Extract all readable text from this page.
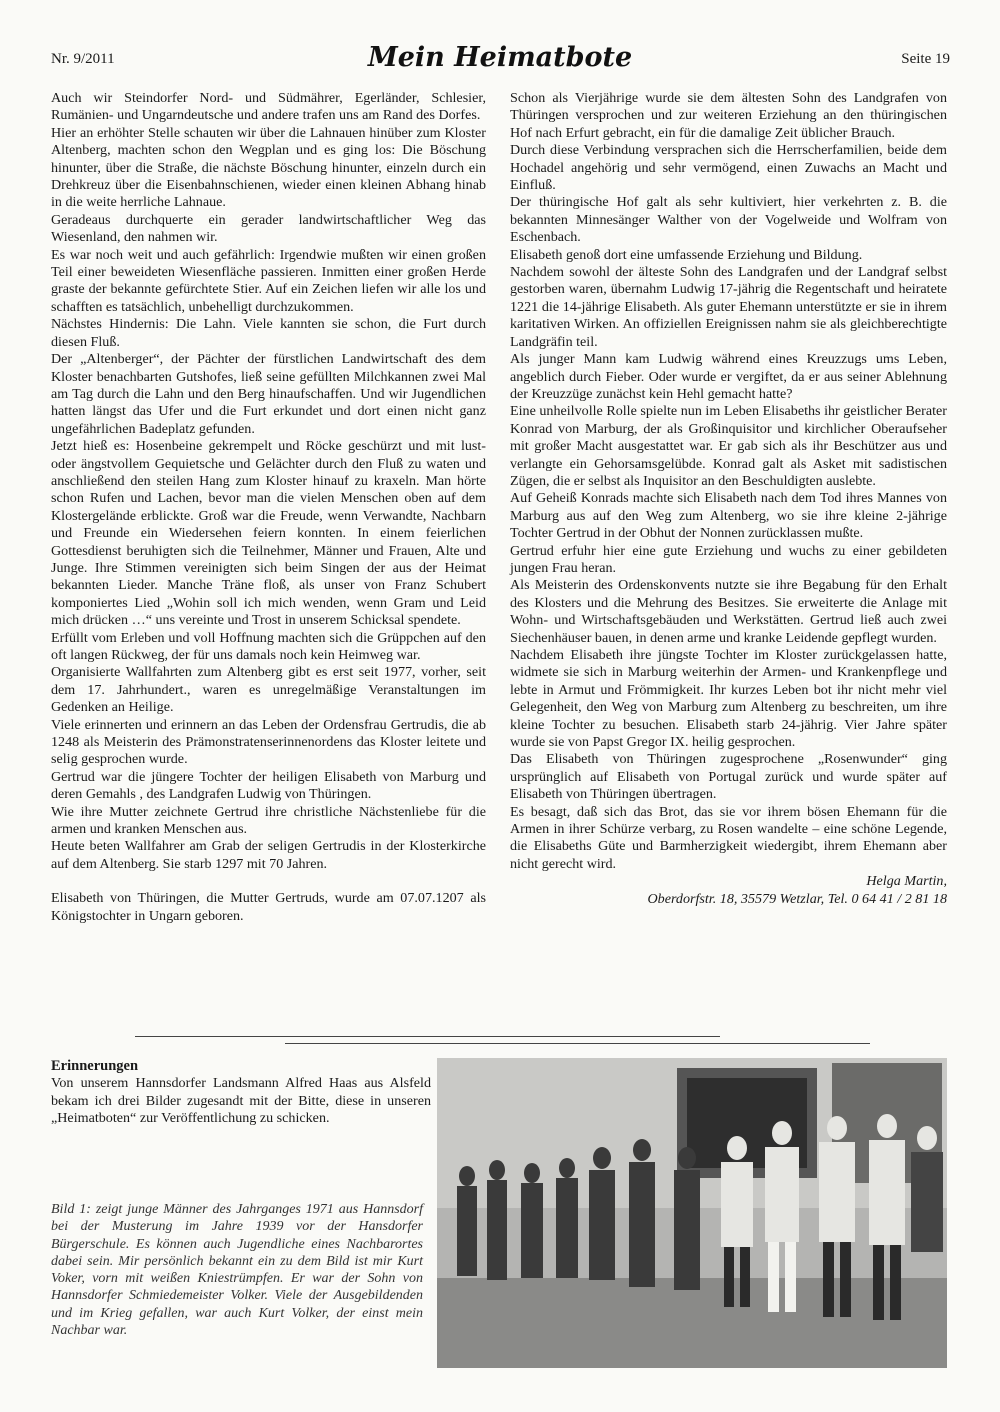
Nr. 9/2011	Mein Heimatbote	Seite 19

Auch wir Steindorfer Nord- und Südmährer, Egerländer, Schlesier, Rumänien- und Ungarndeutsche und andere trafen uns am Rand des Dorfes.

Hier an erhöhter Stelle schauten wir über die Lahnauen hinüber zum Kloster Altenberg, machten schon den Wegplan und es ging los: Die Böschung hinunter, über die Straße, die nächste Böschung hinunter, einzeln durch ein Drehkreuz über die Eisenbahnschienen, wieder einen kleinen Abhang hinab in die weite herrliche Lahnaue.

Geradeaus durchquerte ein gerader landwirtschaftlicher Weg das Wiesenland, den nahmen wir.

Es war noch weit und auch gefährlich: Irgendwie mußten wir einen großen Teil einer beweideten Wiesenfläche passieren. Inmitten einer großen Herde graste der bekannte gefürchtete Stier. Auf ein Zeichen liefen wir alle los und schafften es tatsächlich, unbehelligt durchzukommen.

Nächstes Hindernis: Die Lahn. Viele kannten sie schon, die Furt durch diesen Fluß.

Der „Altenberger“, der Pächter der fürstlichen Landwirtschaft des dem Kloster benachbarten Gutshofes, ließ seine gefüllten Milchkannen zwei Mal am Tag durch die Lahn und den Berg hinaufschaffen. Und wir Jugendlichen hatten längst das Ufer und die Furt erkundet und dort einen nicht ganz ungefährlichen Badeplatz gefunden.

Jetzt hieß es: Hosenbeine gekrempelt und Röcke geschürzt und mit lust- oder ängstvollem Gequietsche und Gelächter durch den Fluß zu waten und anschließend den steilen Hang zum Kloster hinauf zu kraxeln. Man hörte schon Rufen und Lachen, bevor man die vielen Menschen oben auf dem Klostergelände erblickte. Groß war die Freude, wenn Verwandte, Nachbarn und Freunde ein Wiedersehen feiern konnten. In einem feierlichen Gottesdienst beruhigten sich die Teilnehmer, Männer und Frauen, Alte und Junge. Ihre Stimmen vereinigten sich beim Singen der aus der Heimat bekannten Lieder. Manche Träne floß, als unser von Franz Schubert komponiertes Lied „Wohin soll ich mich wenden, wenn Gram und Leid mich drücken …“ uns vereinte und Trost in unserem Schicksal spendete.

Erfüllt vom Erleben und voll Hoffnung machten sich die Grüppchen auf den oft langen Rückweg, der für uns damals noch kein Heimweg war.

Organisierte Wallfahrten zum Altenberg gibt es erst seit 1977, vorher, seit dem 17. Jahrhundert., waren es unregelmäßige Veranstaltungen im Gedenken an Heilige.

Viele erinnerten und erinnern an das Leben der Ordensfrau Gertrudis, die ab 1248 als Meisterin des Prämonstratenserinnenordens das Kloster leitete und selig gesprochen wurde.

Gertrud war die jüngere Tochter der heiligen Elisabeth von Marburg und deren Gemahls , des Landgrafen Ludwig von Thüringen.

Wie ihre Mutter zeichnete Gertrud ihre christliche Nächstenliebe für die armen und kranken Menschen aus.

Heute beten Wallfahrer am Grab der seligen Gertrudis in der Klosterkirche auf dem Altenberg. Sie starb 1297 mit 70 Jahren.

Elisabeth von Thüringen, die Mutter Gertruds, wurde am 07.07.1207 als Königstochter in Ungarn geboren.

Schon als Vierjährige wurde sie dem ältesten Sohn des Landgrafen von Thüringen versprochen und zur weiteren Erziehung an den thüringischen Hof nach Erfurt gebracht, ein für die damalige Zeit üblicher Brauch.

Durch diese Verbindung versprachen sich die Herrscherfamilien, beide dem Hochadel angehörig und sehr vermögend, einen Zuwachs an Macht und Einfluß.

Der thüringische Hof galt als sehr kultiviert, hier verkehrten z. B. die bekannten Minnesänger Walther von der Vogelweide und Wolfram von Eschenbach.

Elisabeth genoß dort eine umfassende Erziehung und Bildung.

Nachdem sowohl der älteste Sohn des Landgrafen und der Landgraf selbst gestorben waren, übernahm Ludwig 17-jährig die Regentschaft und heiratete 1221 die 14-jährige Elisabeth. Als guter Ehemann unterstützte er sie in ihrem karitativen Wirken. An offiziellen Ereignissen nahm sie als gleichberechtigte Landgräfin teil.

Als junger Mann kam Ludwig während eines Kreuzzugs ums Leben, angeblich durch Fieber. Oder wurde er vergiftet, da er aus seiner Ablehnung der Kreuzzüge zunächst kein Hehl gemacht hatte?

Eine unheilvolle Rolle spielte nun im Leben Elisabeths ihr geistlicher Berater Konrad von Marburg, der als Großinquisitor und kirchlicher Oberaufseher mit großer Macht ausgestattet war. Er gab sich als ihr Beschützer aus und verlangte ein Gehorsamsgelübde. Konrad galt als Asket mit sadistischen Zügen, die er selbst als Inquisitor an den Beschuldigten auslebte.

Auf Geheiß Konrads machte sich Elisabeth nach dem Tod ihres Mannes von Marburg aus auf den Weg zum Altenberg, wo sie ihre kleine 2-jährige Tochter Gertrud in der Obhut der Nonnen zurücklassen mußte.

Gertrud erfuhr hier eine gute Erziehung und wuchs zu einer gebildeten jungen Frau heran.

Als Meisterin des Ordenskonvents nutzte sie ihre Begabung für den Erhalt des Klosters und die Mehrung des Besitzes. Sie erweiterte die Anlage mit Wohn- und Wirtschaftsgebäuden und Werkstätten. Gertrud ließ auch zwei Siechenhäuser bauen, in denen arme und kranke Leidende gepflegt wurden.

Nachdem Elisabeth ihre jüngste Tochter im Kloster zurückgelassen hatte, widmete sie sich in Marburg weiterhin der Armen- und Krankenpflege und lebte in Armut und Frömmigkeit. Ihr kurzes Leben bot ihr nicht mehr viel Gelegenheit, den Weg von Marburg zum Altenberg zu beschreiten, um ihre kleine Tochter zu besuchen. Elisabeth starb 24-jährig. Vier Jahre später wurde sie von Papst Gregor IX. heilig gesprochen.

Das Elisabeth von Thüringen zugesprochene „Rosenwunder“ ging ursprünglich auf Elisabeth von Portugal zurück und wurde später auf Elisabeth von Thüringen übertragen.

Es besagt, daß sich das Brot, das sie vor ihrem bösen Ehemann für die Armen in ihrer Schürze verbarg, zu Rosen wandelte – eine schöne Legende, die Elisabeths Güte und Barmherzigkeit wiedergibt, ihrem Ehemann aber nicht gerecht wird.

Helga Martin,

Oberdorfstr. 18, 35579 Wetzlar, Tel. 0 64 41 / 2 81 18

Erinnerungen

Von unserem Hannsdorfer Landsmann Alfred Haas aus Alsfeld bekam ich drei Bilder zugesandt mit der Bitte, diese in unseren „Heimatboten“ zur Veröffentlichung zu schicken.

Bild 1: zeigt junge Männer des Jahrganges 1971 aus Hannsdorf bei der Musterung im Jahre 1939 vor der Hansdorfer Bürgerschule. Es können auch Jugendliche eines Nachbarortes dabei sein. Mir persönlich bekannt ein zu dem Bild ist mir Kurt Voker, vorn mit weißen Kniestrümpfen. Er war der Sohn von Hannsdorfer Schmiedemeister Volker. Viele der Ausgebildenden und im Krieg gefallen, war auch Kurt Volker, der einst mein Nachbar war.
